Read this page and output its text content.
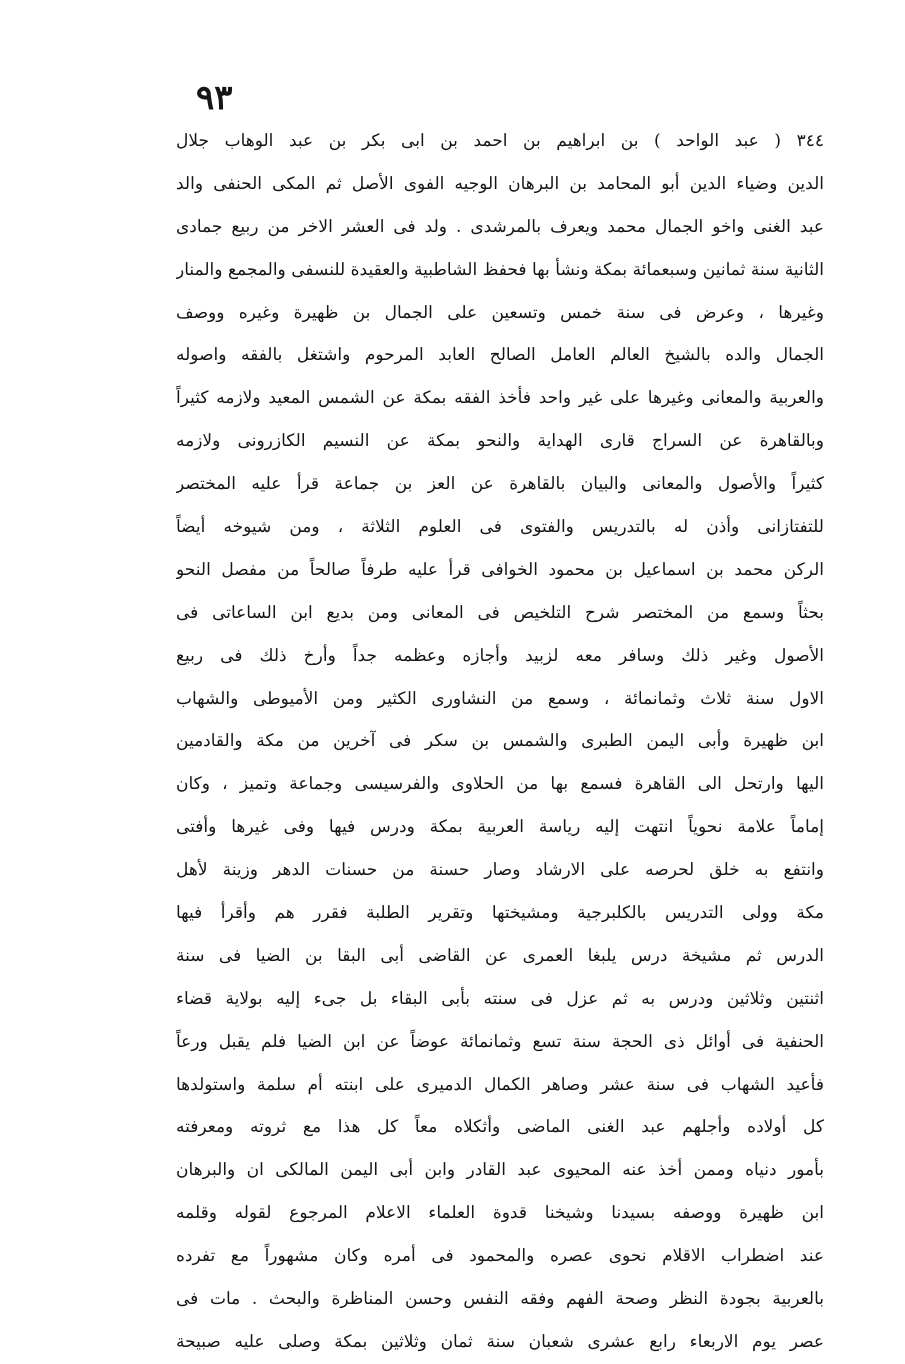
٩٣
٣٤٤ ( عبد الواحد ) بن ابراهيم بن احمد بن ابى بكر بن عبد الوهاب جلال
الدين وضياء الدين أبو المحامد بن البرهان الوجيه الفوى الأصل ثم المكى الحنفى والد
عبد الغنى واخو الجمال محمد ويعرف بالمرشدى . ولد فى العشر الاخر من ربيع جمادى
الثانية سنة ثمانين وسبعمائة بمكة ونشأ بها فحفظ الشاطبية والعقيدة للنسفى والمجمع والمنار
وغيرها ، وعرض فى سنة خمس وتسعين على الجمال بن ظهيرة وغيره ووصف
الجمال والده بالشيخ العالم العامل الصالح العابد المرحوم واشتغل بالفقه واصوله
والعربية والمعانى وغيرها على غير واحد فأخذ الفقه بمكة عن الشمس المعيد ولازمه كثيراً
وبالقاهرة عن السراج قارى الهداية والنحو بمكة عن النسيم الكازرونى ولازمه
كثيراً والأصول والمعانى والبيان بالقاهرة عن العز بن جماعة قرأ عليه المختصر
للتفتازانى وأذن له بالتدريس والفتوى فى العلوم الثلاثة ، ومن شيوخه أيضاً
الركن محمد بن اسماعيل بن محمود الخوافى قرأ عليه طرفاً صالحاً من مفصل النحو
بحثاً وسمع من المختصر شرح التلخيص فى المعانى ومن بديع ابن الساعاتى فى
الأصول وغير ذلك وسافر معه لزبيد وأجازه وعظمه جداً وأرخ ذلك فى ربيع
الاول سنة ثلاث وثمانمائة ، وسمع من النشاورى الكثير ومن الأميوطى والشهاب
ابن ظهيرة وأبى اليمن الطبرى والشمس بن سكر فى آخرين من مكة والقادمين
اليها وارتحل الى القاهرة فسمع بها من الحلاوى والفرسيسى وجماعة وتميز ، وكان
إماماً علامة نحوياً انتهت إليه رياسة العربية بمكة ودرس فيها وفى غيرها وأفتى
وانتفع به خلق لحرصه على الارشاد وصار حسنة من حسنات الدهر وزينة لأهل
مكة وولى التدريس بالكلبرجية ومشيختها وتقرير الطلبة فقرر هم وأقرأ فيها
الدرس ثم مشيخة درس يلبغا العمرى عن القاضى أبى البقا بن الضيا فى سنة
اثنتين وثلاثين ودرس به ثم عزل فى سنته بأبى البقاء بل جىء إليه بولاية قضاء
الحنفية فى أوائل ذى الحجة سنة تسع وثمانمائة عوضاً عن ابن الضيا فلم يقبل ورعاً
فأعيد الشهاب فى سنة عشر وصاهر الكمال الدميرى على ابنته أم سلمة واستولدها
كل أولاده وأجلهم عبد الغنى الماضى وأثكلاه معاً كل هذا مع ثروته ومعرفته
بأمور دنياه وممن أخذ عنه المحيوى عبد القادر وابن أبى اليمن المالكى ان والبرهان
ابن ظهيرة ووصفه بسيدنا وشيخنا قدوة العلماء الاعلام المرجوع لقوله وقلمه
عند اضطراب الاقلام نحوى عصره والمحمود فى أمره وكان مشهوراً مع تفرده
بالعربية بجودة النظر وصحة الفهم وفقه النفس وحسن المناظرة والبحث . مات فى
عصر يوم الاربعاء رابع عشرى شعبان سنة ثمان وثلاثين بمكة وصلى عليه صبيحة
